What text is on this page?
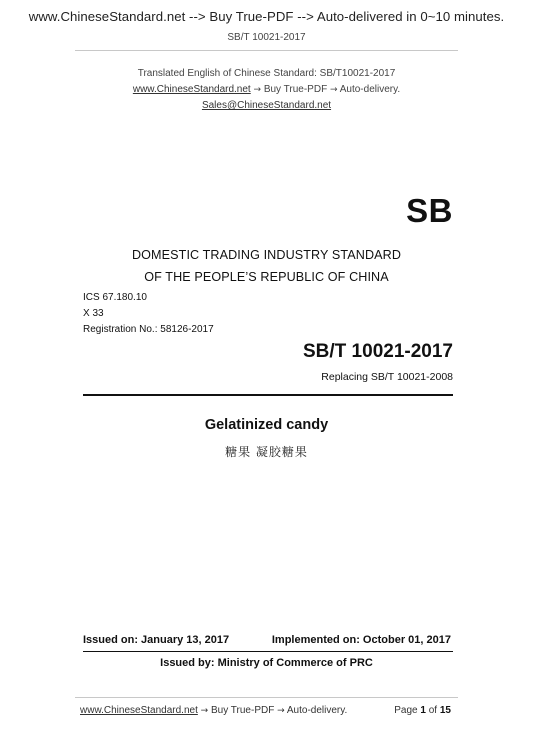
www.ChineseStandard.net --> Buy True-PDF --> Auto-delivered in 0~10 minutes.
SB/T 10021-2017
Translated English of Chinese Standard: SB/T10021-2017
www.ChineseStandard.net → Buy True-PDF → Auto-delivery.
Sales@ChineseStandard.net
SB
DOMESTIC TRADING INDUSTRY STANDARD
OF THE PEOPLE’S REPUBLIC OF CHINA
ICS 67.180.10
X 33
Registration No.: 58126-2017
SB/T 10021-2017
Replacing SB/T 10021-2008
Gelatinized candy
糖果 凝胶糖果
Issued on: January 13, 2017	Implemented on: October 01, 2017
Issued by: Ministry of Commerce of PRC
www.ChineseStandard.net → Buy True-PDF → Auto-delivery.	Page 1 of 15
